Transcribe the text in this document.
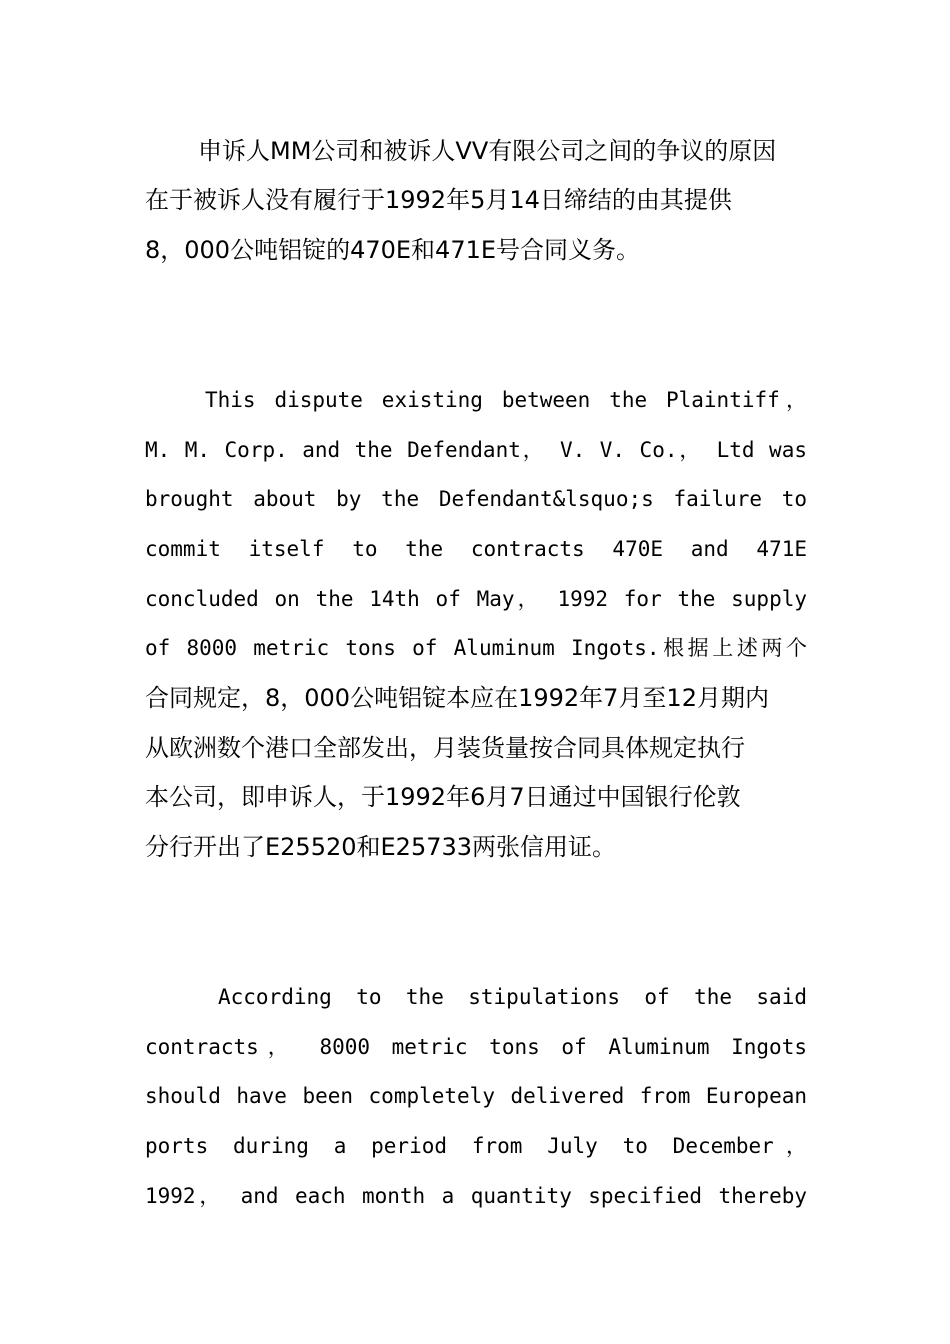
申诉人MM公司和被诉人VV有限公司之间的争议的原因
在于被诉人没有履行于1992年5月14日缔结的由其提供
8，000公吨铝锭的470E和471E号合同义务。
This dispute existing between the Plaintiff，
M. M. Corp. and the Defendant， V. V. Co.， Ltd was
brought about by the Defendant&lsquo;s failure to
commit itself to the contracts 470E and 471E
concluded on the 14th of May， 1992 for the supply
of 8000 metric tons of Aluminum Ingots.根据上述两个
合同规定，8，000公吨铝锭本应在1992年7月至12月期内
从欧洲数个港口全部发出，月装货量按合同具体规定执行
本公司，即申诉人，于1992年6月7日通过中国银行伦敦
分行开出了E25520和E25733两张信用证。
According to the stipulations of the said
contracts， 8000 metric tons of Aluminum Ingots
should have been completely delivered from European
ports during a period from July to December，
1992， and each month a quantity specified thereby
